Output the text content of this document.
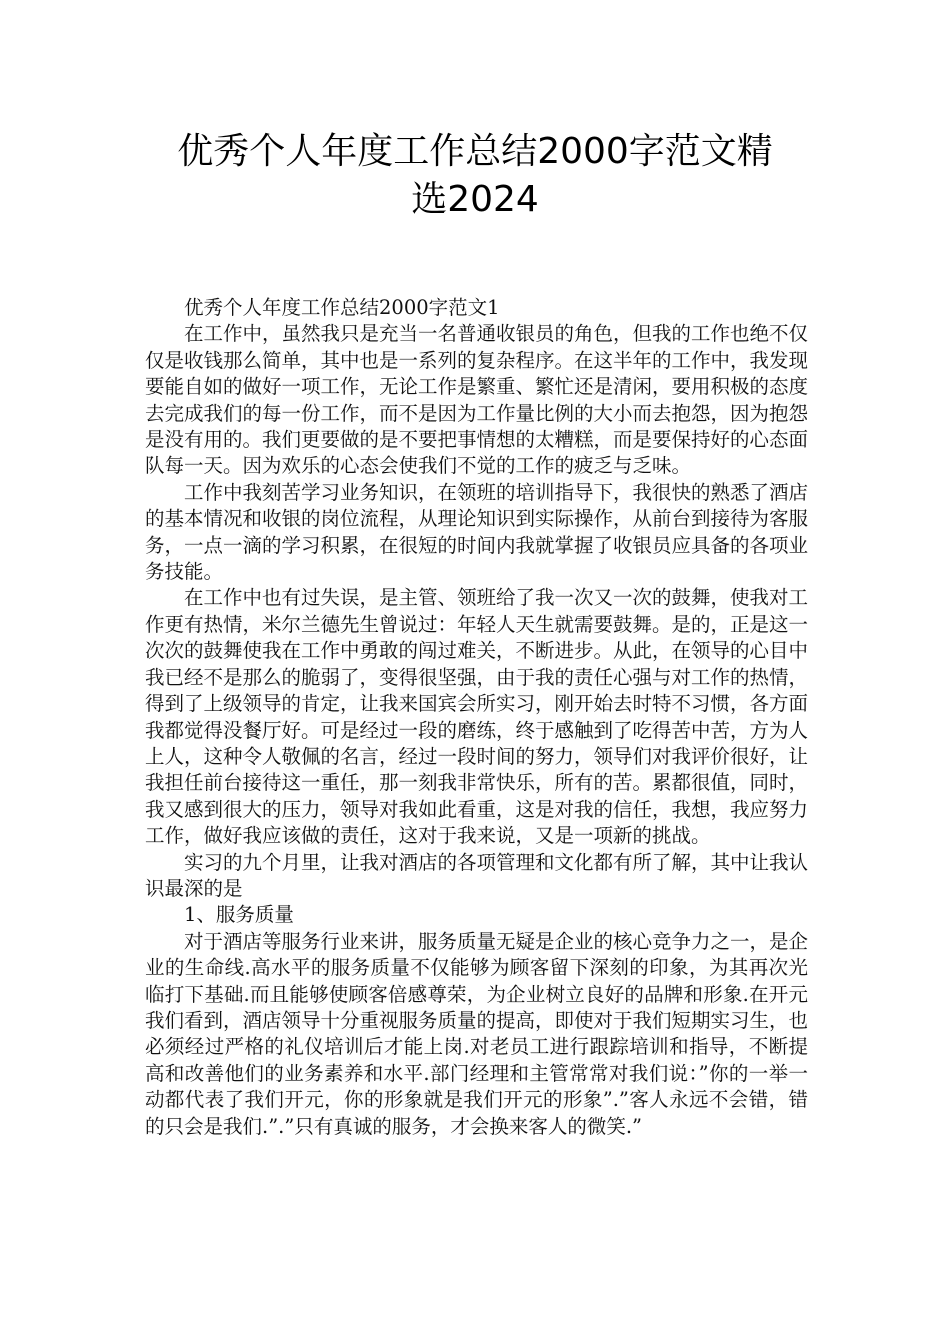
优秀个人年度工作总结2000字范文精
选2024

优秀个人年度工作总结2000字范文1

在工作中，虽然我只是充当一名普通收银员的角色，但我的工作也绝不仅仅是收钱那么简单，其中也是一系列的复杂程序。在这半年的工作中，我发现要能自如的做好一项工作，无论工作是繁重、繁忙还是清闲，要用积极的态度去完成我们的每一份工作，而不是因为工作量比例的大小而去抱怨，因为抱怨是没有用的。我们更要做的是不要把事情想的太糟糕，而是要保持好的心态面队每一天。因为欢乐的心态会使我们不觉的工作的疲乏与乏味。

工作中我刻苦学习业务知识，在领班的培训指导下，我很快的熟悉了酒店的基本情况和收银的岗位流程，从理论知识到实际操作，从前台到接待为客服务，一点一滴的学习积累，在很短的时间内我就掌握了收银员应具备的各项业务技能。

在工作中也有过失误，是主管、领班给了我一次又一次的鼓舞，使我对工作更有热情，米尔兰德先生曾说过：年轻人天生就需要鼓舞。是的，正是这一次次的鼓舞使我在工作中勇敢的闯过难关，不断进步。从此，在领导的心目中我已经不是那么的脆弱了，变得很坚强，由于我的责任心强与对工作的热情，得到了上级领导的肯定，让我来国宾会所实习，刚开始去时特不习惯，各方面我都觉得没餐厅好。可是经过一段的磨练，终于感触到了吃得苦中苦，方为人上人，这种令人敬佩的名言，经过一段时间的努力，领导们对我评价很好，让我担任前台接待这一重任，那一刻我非常快乐，所有的苦。累都很值，同时，我又感到很大的压力，领导对我如此看重，这是对我的信任，我想，我应努力工作，做好我应该做的责任，这对于我来说，又是一项新的挑战。

实习的九个月里，让我对酒店的各项管理和文化都有所了解，其中让我认识最深的是

1、服务质量

对于酒店等服务行业来讲，服务质量无疑是企业的核心竞争力之一，是企业的生命线.高水平的服务质量不仅能够为顾客留下深刻的印象，为其再次光临打下基础.而且能够使顾客倍感尊荣，为企业树立良好的品牌和形象.在开元我们看到，酒店领导十分重视服务质量的提高，即使对于我们短期实习生，也必须经过严格的礼仪培训后才能上岗.对老员工进行跟踪培训和指导，不断提高和改善他们的业务素养和水平.部门经理和主管常常对我们说：”你的一举一动都代表了我们开元，你的形象就是我们开元的形象”.”客人永远不会错，错的只会是我们.”.”只有真诚的服务，才会换来客人的微笑.”
